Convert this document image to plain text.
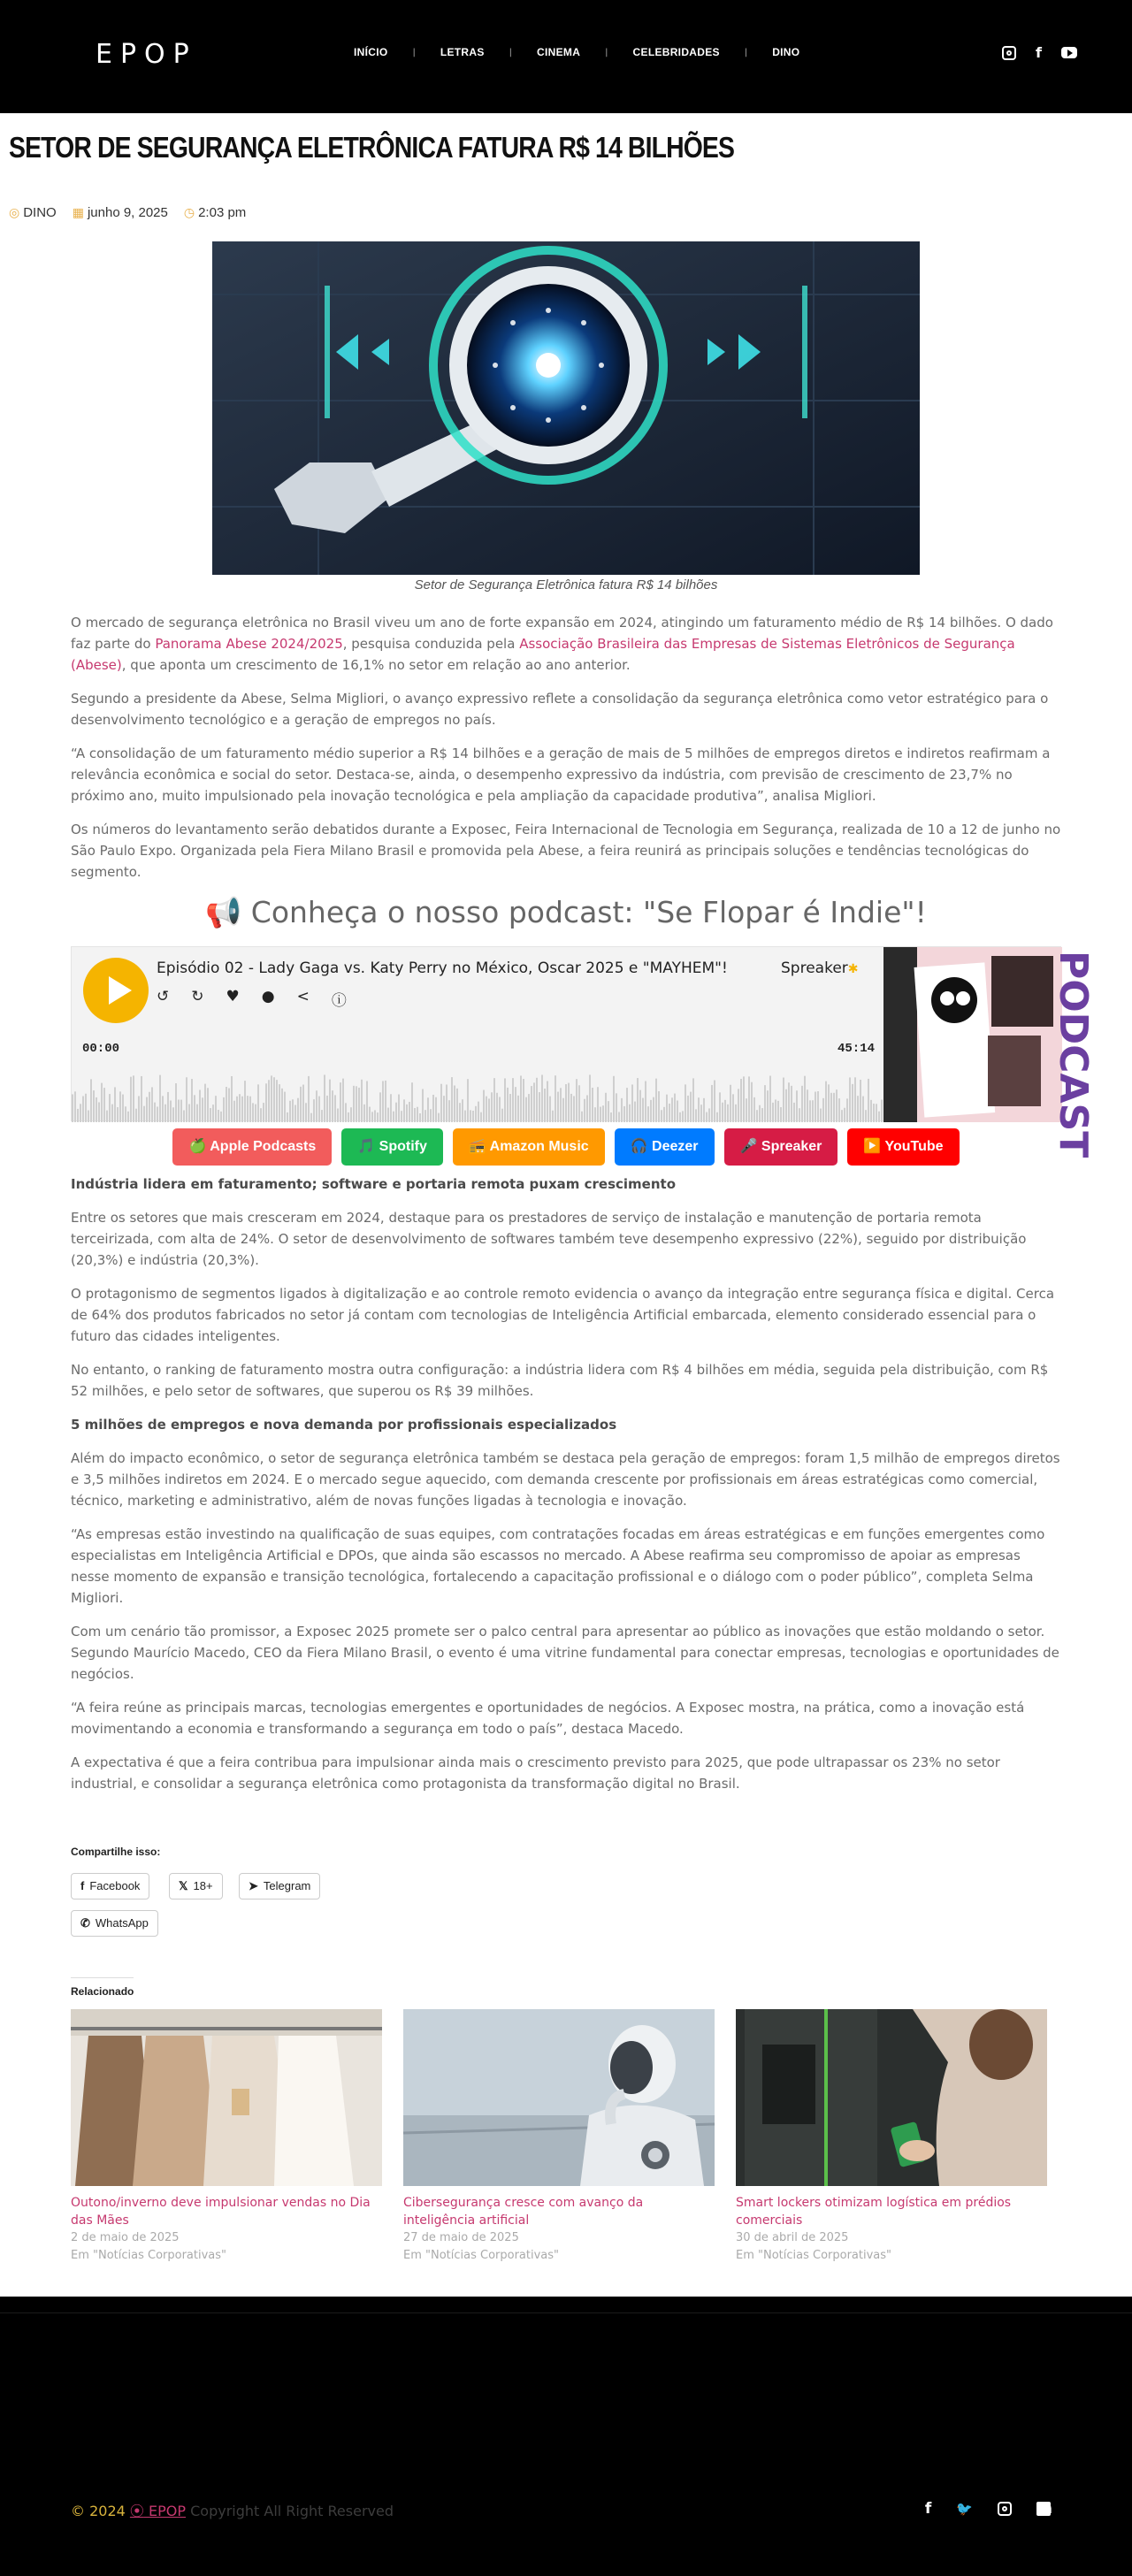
EPOP	INÍCIO	| LETRAS	| CINEMA	| CELEBRIDADES	| DINO	f
SETOR DE SEGURANÇA ELETRÔNICA FATURA R$ 14 BILHÕES
◎ DINO ▦ junho 9, 2025 ◷ 2:03 pm
Setor de Segurança Eletrônica fatura R$ 14 bilhões

O mercado de segurança eletrônica no Brasil viveu um ano de forte expansão em 2024, atingindo um faturamento médio de R$ 14 bilhões. O dado faz parte do Panorama Abese 2024/2025, pesquisa conduzida pela Associação Brasileira das Empresas de Sistemas Eletrônicos de Segurança (Abese), que aponta um crescimento de 16,1% no setor em relação ao ano anterior.

Segundo a presidente da Abese, Selma Migliori, o avanço expressivo reflete a consolidação da segurança eletrônica como vetor estratégico para o desenvolvimento tecnológico e a geração de empregos no país.

“A consolidação de um faturamento médio superior a R$ 14 bilhões e a geração de mais de 5 milhões de empregos diretos e indiretos reafirmam a relevância econômica e social do setor. Destaca-se, ainda, o desempenho expressivo da indústria, com previsão de crescimento de 23,7% no próximo ano, muito impulsionado pela inovação tecnológica e pela ampliação da capacidade produtiva”, analisa Migliori.

Os números do levantamento serão debatidos durante a Exposec, Feira Internacional de Tecnologia em Segurança, realizada de 10 a 12 de junho no São Paulo Expo. Organizada pela Fiera Milano Brasil e promovida pela Abese, a feira reunirá as principais soluções e tendências tecnológicas do segmento.

📢 Conheça o nosso podcast: "Se Flopar é Indie"!
Episódio 02 - Lady Gaga vs. Katy Perry no México, Oscar 2025 e "MAYHEM"!	Spreaker✱
↺ ↻ ♥ ● < ⓘ
00:00	45:14	PODCAST
🍏 Apple Podcasts	🎵 Spotify	📻 Amazon Music	🎧 Deezer	🎤 Spreaker	▶️ YouTube

Indústria lidera em faturamento; software e portaria remota puxam crescimento

Entre os setores que mais cresceram em 2024, destaque para os prestadores de serviço de instalação e manutenção de portaria remota terceirizada, com alta de 24%. O setor de desenvolvimento de softwares também teve desempenho expressivo (22%), seguido por distribuição (20,3%) e indústria (20,3%).

O protagonismo de segmentos ligados à digitalização e ao controle remoto evidencia o avanço da integração entre segurança física e digital. Cerca de 64% dos produtos fabricados no setor já contam com tecnologias de Inteligência Artificial embarcada, elemento considerado essencial para o futuro das cidades inteligentes.

No entanto, o ranking de faturamento mostra outra configuração: a indústria lidera com R$ 4 bilhões em média, seguida pela distribuição, com R$ 52 milhões, e pelo setor de softwares, que superou os R$ 39 milhões.

5 milhões de empregos e nova demanda por profissionais especializados

Além do impacto econômico, o setor de segurança eletrônica também se destaca pela geração de empregos: foram 1,5 milhão de empregos diretos e 3,5 milhões indiretos em 2024. E o mercado segue aquecido, com demanda crescente por profissionais em áreas estratégicas como comercial, técnico, marketing e administrativo, além de novas funções ligadas à tecnologia e inovação.

“As empresas estão investindo na qualificação de suas equipes, com contratações focadas em áreas estratégicas e em funções emergentes como especialistas em Inteligência Artificial e DPOs, que ainda são escassos no mercado. A Abese reafirma seu compromisso de apoiar as empresas nesse momento de expansão e transição tecnológica, fortalecendo a capacitação profissional e o diálogo com o poder público”, completa Selma Migliori.

Com um cenário tão promissor, a Exposec 2025 promete ser o palco central para apresentar ao público as inovações que estão moldando o setor. Segundo Maurício Macedo, CEO da Fiera Milano Brasil, o evento é uma vitrine fundamental para conectar empresas, tecnologias e oportunidades de negócios.

“A feira reúne as principais marcas, tecnologias emergentes e oportunidades de negócios. A Exposec mostra, na prática, como a inovação está movimentando a economia e transformando a segurança em todo o país”, destaca Macedo.

A expectativa é que a feira contribua para impulsionar ainda mais o crescimento previsto para 2025, que pode ultrapassar os 23% no setor industrial, e consolidar a segurança eletrônica como protagonista da transformação digital no Brasil.

Compartilhe isso:
f Facebook	𝕏 18+	➤ Telegram
✆ WhatsApp
Relacionado
Outono/inverno deve impulsionar vendas no Dia das Mães
2 de maio de 2025
Em "Notícias Corporativas"
Cibersegurança cresce com avanço da inteligência artificial
27 de maio de 2025
Em "Notícias Corporativas"
Smart lockers otimizam logística em prédios comerciais
30 de abril de 2025
Em "Notícias Corporativas"
© 2024 ⦿ EPOP Copyright All Right Reserved	f 🐦	in
